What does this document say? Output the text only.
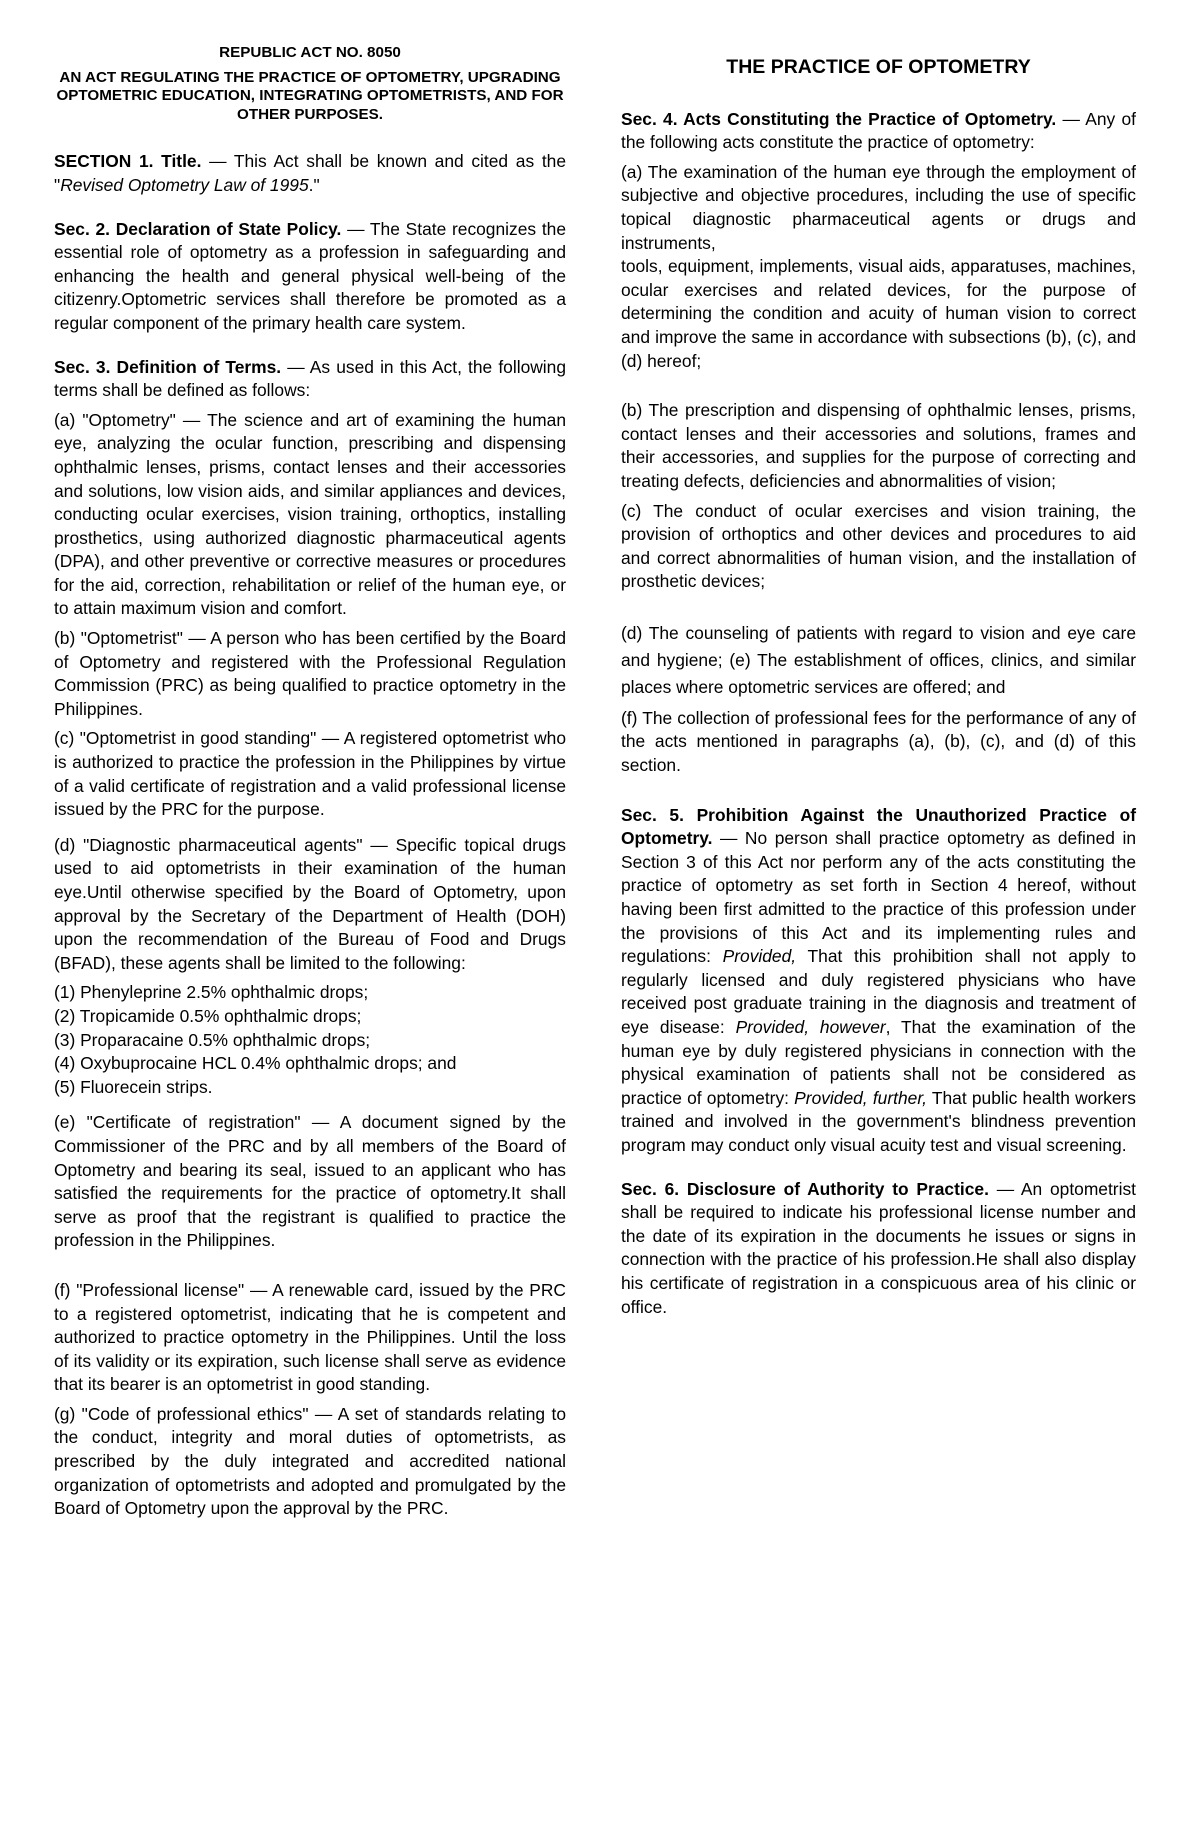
REPUBLIC ACT NO. 8050

AN ACT REGULATING THE PRACTICE OF OPTOMETRY, UPGRADING OPTOMETRIC EDUCATION, INTEGRATING OPTOMETRISTS, AND FOR OTHER PURPOSES.

SECTION 1. Title. — This Act shall be known and cited as the "Revised Optometry Law of 1995."

Sec. 2. Declaration of State Policy. — The State recognizes the essential role of optometry as a profession in safeguarding and enhancing the health and general physical well-being of the citizenry.Optometric services shall therefore be promoted as a regular component of the primary health care system.

Sec. 3. Definition of Terms. — As used in this Act, the following terms shall be defined as follows:

(a) "Optometry" — The science and art of examining the human eye, analyzing the ocular function, prescribing and dispensing ophthalmic lenses, prisms, contact lenses and their accessories and solutions, low vision aids, and similar appliances and devices, conducting ocular exercises, vision training, orthoptics, installing prosthetics, using authorized diagnostic pharmaceutical agents (DPA), and other preventive or corrective measures or procedures for the aid, correction, rehabilitation or relief of the human eye, or to attain maximum vision and comfort.

(b) "Optometrist" — A person who has been certified by the Board of Optometry and registered with the Professional Regulation Commission (PRC) as being qualified to practice optometry in the Philippines.

(c) "Optometrist in good standing" — A registered optometrist who is authorized to practice the profession in the Philippines by virtue of a valid certificate of registration and a valid professional license issued by the PRC for the purpose.

(d) "Diagnostic pharmaceutical agents" — Specific topical drugs used to aid optometrists in their examination of the human eye.Until otherwise specified by the Board of Optometry, upon approval by the Secretary of the Department of Health (DOH) upon the recommendation of the Bureau of Food and Drugs (BFAD), these agents shall be limited to the following:

(1) Phenyleprine 2.5% ophthalmic drops;

(2) Tropicamide 0.5% ophthalmic drops;

(3) Proparacaine 0.5% ophthalmic drops;

(4) Oxybuprocaine HCL 0.4% ophthalmic drops; and

(5) Fluorecein strips.

(e) "Certificate of registration" — A document signed by the Commissioner of the PRC and by all members of the Board of Optometry and bearing its seal, issued to an applicant who has satisfied the requirements for the practice of optometry.It shall serve as proof that the registrant is qualified to practice the profession in the Philippines.

(f) "Professional license" — A renewable card, issued by the PRC to a registered optometrist, indicating that he is competent and authorized to practice optometry in the Philippines. Until the loss of its validity or its expiration, such license shall serve as evidence that its bearer is an optometrist in good standing.

(g) "Code of professional ethics" — A set of standards relating to the conduct, integrity and moral duties of optometrists, as prescribed by the duly integrated and accredited national organization of optometrists and adopted and promulgated by the Board of Optometry upon the approval by the PRC.

THE PRACTICE OF OPTOMETRY

Sec. 4. Acts Constituting the Practice of Optometry. — Any of the following acts constitute the practice of optometry:

(a) The examination of the human eye through the employment of subjective and objective procedures, including the use of specific topical diagnostic pharmaceutical agents or drugs and instruments,

tools, equipment, implements, visual aids, apparatuses, machines, ocular exercises and related devices, for the purpose of determining the condition and acuity of human vision to correct and improve the same in accordance with subsections (b), (c), and (d) hereof;

(b) The prescription and dispensing of ophthalmic lenses, prisms, contact lenses and their accessories and solutions, frames and their accessories, and supplies for the purpose of correcting and treating defects, deficiencies and abnormalities of vision;

(c) The conduct of ocular exercises and vision training, the provision of orthoptics and other devices and procedures to aid and correct abnormalities of human vision, and the installation of prosthetic devices;

(d) The counseling of patients with regard to vision and eye care and hygiene; (e) The establishment of offices, clinics, and similar places where optometric services are offered; and

(f) The collection of professional fees for the performance of any of the acts mentioned in paragraphs (a), (b), (c), and (d) of this section.

Sec. 5. Prohibition Against the Unauthorized Practice of Optometry. — No person shall practice optometry as defined in Section 3 of this Act nor perform any of the acts constituting the practice of optometry as set forth in Section 4 hereof, without having been first admitted to the practice of this profession under the provisions of this Act and its implementing rules and regulations: Provided, That this prohibition shall not apply to regularly licensed and duly registered physicians who have received post graduate training in the diagnosis and treatment of eye disease: Provided, however, That the examination of the human eye by duly registered physicians in connection with the physical examination of patients shall not be considered as practice of optometry: Provided, further, That public health workers trained and involved in the government's blindness prevention program may conduct only visual acuity test and visual screening.

Sec. 6. Disclosure of Authority to Practice. — An optometrist shall be required to indicate his professional license number and the date of its expiration in the documents he issues or signs in connection with the practice of his profession.He shall also display his certificate of registration in a conspicuous area of his clinic or office.
